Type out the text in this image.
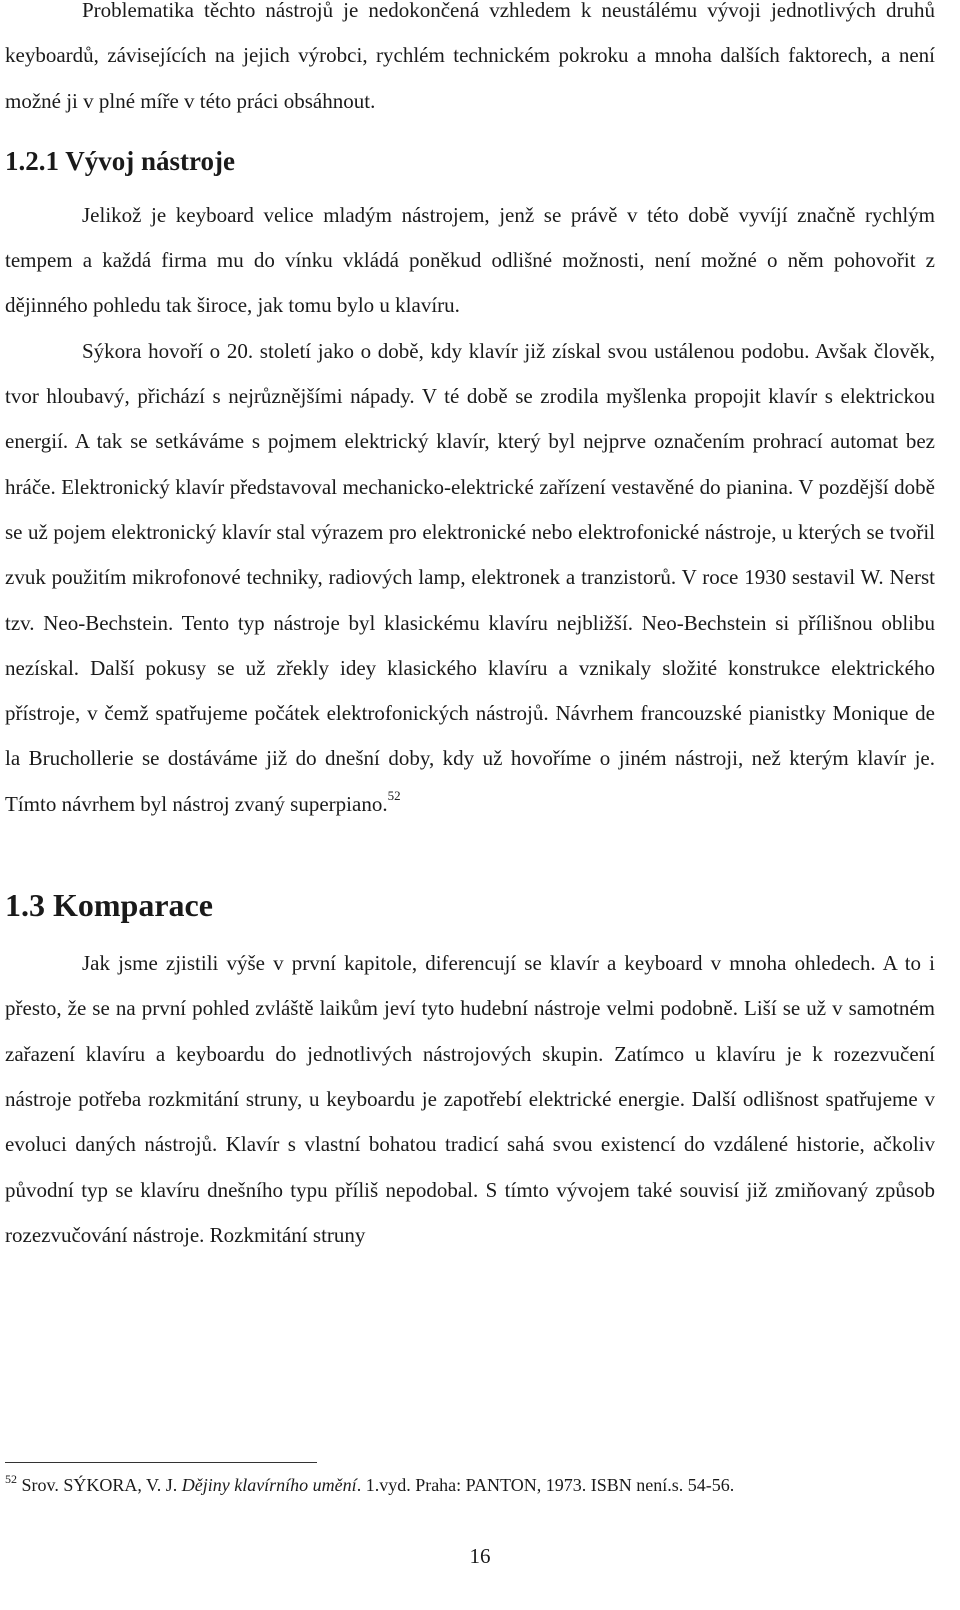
Problematika těchto nástrojů je nedokončená vzhledem k neustálému vývoji jednotlivých druhů keyboardů, závisejících na jejich výrobci, rychlém technickém pokroku a mnoha dalších faktorech, a není možné ji v plné míře v této práci obsáhnout.

1.2.1 Vývoj nástroje

Jelikož je keyboard velice mladým nástrojem, jenž se právě v této době vyvíjí značně rychlým tempem a každá firma mu do vínku vkládá poněkud odlišné možnosti, není možné o něm pohovořit z dějinného pohledu tak široce, jak tomu bylo u klavíru.

Sýkora hovoří o 20. století jako o době, kdy klavír již získal svou ustálenou podobu. Avšak člověk, tvor hloubavý, přichází s nejrůznějšími nápady. V té době se zrodila myšlenka propojit klavír s elektrickou energií. A tak se setkáváme s pojmem elektrický klavír, který byl nejprve označením prohrací automat bez hráče. Elektronický klavír představoval mechanicko-elektrické zařízení vestavěné do pianina. V pozdější době se už pojem elektronický klavír stal výrazem pro elektronické nebo elektrofonické nástroje, u kterých se tvořil zvuk použitím mikrofonové techniky, radiových lamp, elektronek a tranzistorů. V roce 1930 sestavil W. Nerst tzv. Neo-Bechstein. Tento typ nástroje byl klasickému klavíru nejbližší. Neo-Bechstein si přílišnou oblibu nezískal. Další pokusy se už zřekly idey klasického klavíru a vznikaly složité konstrukce elektrického přístroje, v čemž spatřujeme počátek elektrofonických nástrojů. Návrhem francouzské pianistky Monique de la Bruchollerie se dostáváme již do dnešní doby, kdy už hovoříme o jiném nástroji, než kterým klavír je. Tímto návrhem byl nástroj zvaný superpiano.$^{52}$

1.3 Komparace

Jak jsme zjistili výše v první kapitole, diferencují se klavír a keyboard v mnoha ohledech. A to i přesto, že se na první pohled zvláště laikům jeví tyto hudební nástroje velmi podobně. Liší se už v samotném zařazení klavíru a keyboardu do jednotlivých nástrojových skupin. Zatímco u klavíru je k rozezvučení nástroje potřeba rozkmitání struny, u keyboardu je zapotřebí elektrické energie. Další odlišnost spatřujeme v evoluci daných nástrojů. Klavír s vlastní bohatou tradicí sahá svou existencí do vzdálené historie, ačkoliv původní typ se klavíru dnešního typu příliš nepodobal. S tímto vývojem také souvisí již zmiňovaný způsob rozezvučování nástroje. Rozkmitání struny

$^{52}$ Srov. SÝKORA, V. J. Dějiny klavírního umění. 1.vyd. Praha: PANTON, 1973. ISBN není.s. 54-56.
16
